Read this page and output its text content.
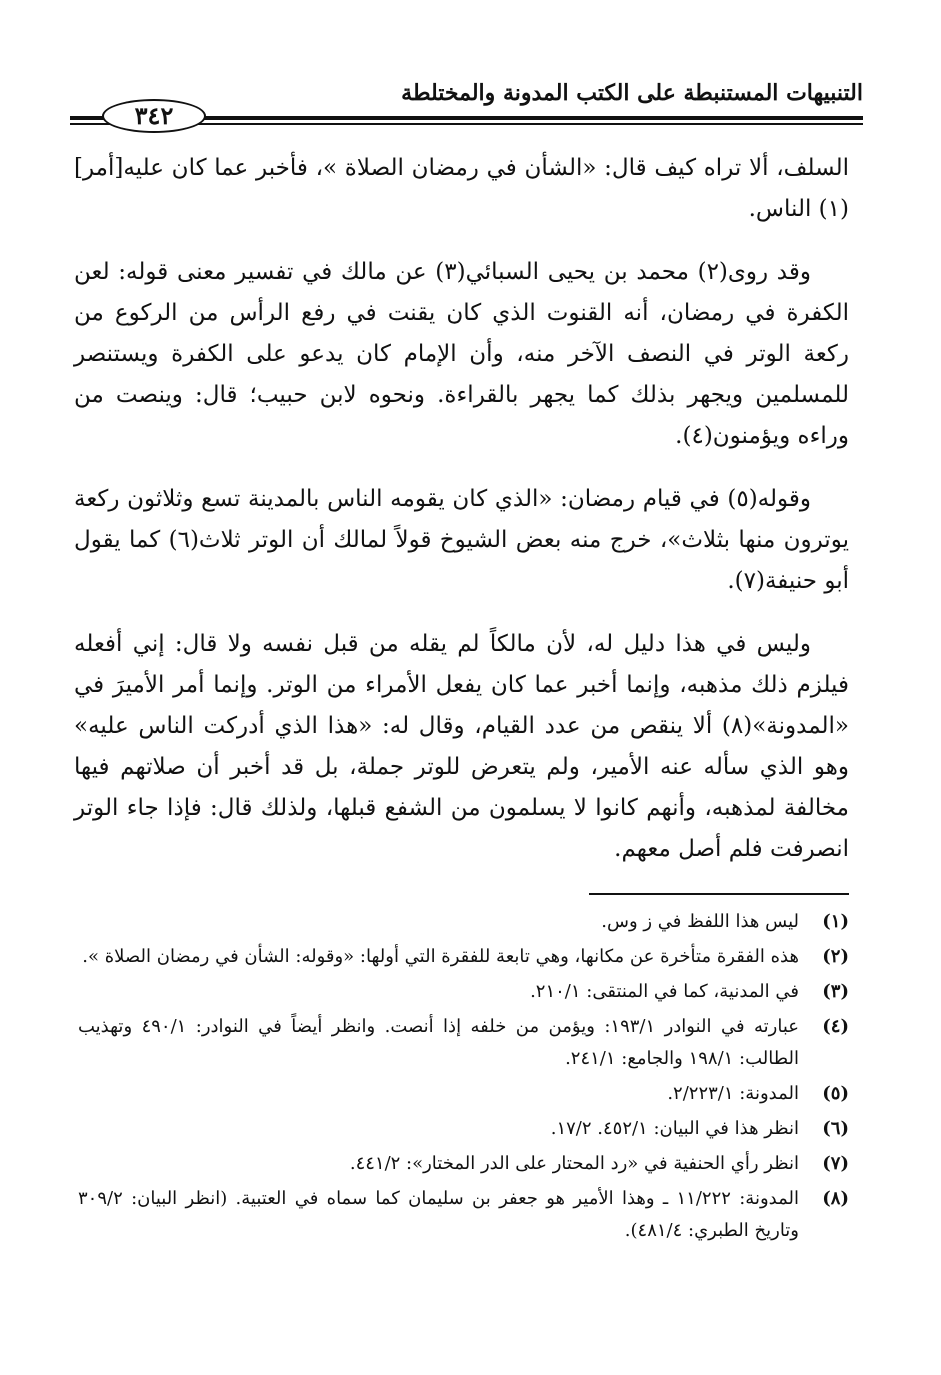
التنبيهات المستنبطة على الكتب المدونة والمختلطة
٣٤٢

السلف، ألا تراه كيف قال: «الشأن في رمضان الصلاة »، فأخبر عما كان عليه[أمر](١) الناس.

وقد روى(٢) محمد بن يحيى السبائي(٣) عن مالك في تفسير معنى قوله: لعن الكفرة في رمضان، أنه القنوت الذي كان يقنت في رفع الرأس من الركوع من ركعة الوتر في النصف الآخر منه، وأن الإمام كان يدعو على الكفرة ويستنصر للمسلمين ويجهر بذلك كما يجهر بالقراءة. ونحوه لابن حبيب؛ قال: وينصت من وراءه ويؤمنون(٤).

وقوله(٥) في قيام رمضان: «الذي كان يقومه الناس بالمدينة تسع وثلاثون ركعة يوترون منها بثلاث»، خرج منه بعض الشيوخ قولاً لمالك أن الوتر ثلاث(٦) كما يقول أبو حنيفة(٧).

وليس في هذا دليل له، لأن مالكاً لم يقله من قبل نفسه ولا قال: إني أفعله فيلزم ذلك مذهبه، وإنما أخبر عما كان يفعل الأمراء من الوتر. وإنما أمر الأميرَ في «المدونة»(٨) ألا ينقص من عدد القيام، وقال له: «هذا الذي أدركت الناس عليه» وهو الذي سأله عنه الأمير، ولم يتعرض للوتر جملة، بل قد أخبر أن صلاتهم فيها مخالفة لمذهبه، وأنهم كانوا لا يسلمون من الشفع قبلها، ولذلك قال: فإذا جاء الوتر انصرفت فلم أصل معهم.

(١)
ليس هذا اللفظ في ز وس.
(٢)
هذه الفقرة متأخرة عن مكانها، وهي تابعة للفقرة التي أولها: «وقوله: الشأن في رمضان الصلاة ».
(٣)
في المدنية، كما في المنتقى: ٢١٠/١.
(٤)
عبارته في النوادر ١٩٣/١: ويؤمن من خلفه إذا أنصت. وانظر أيضاً في النوادر: ٤٩٠/١ وتهذيب الطالب: ١٩٨/١ والجامع: ٢٤١/١.
(٥)
المدونة: ٢/٢٢٣/١.
(٦)
انظر هذا في البيان: ٤٥٢/١. ١٧/٢.
(٧)
انظر رأي الحنفية في «رد المحتار على الدر المختار»: ٤٤١/٢.
(٨)
المدونة: ١١/٢٢٢ ـ وهذا الأمير هو جعفر بن سليمان كما سماه في العتبية. (انظر البيان: ٣٠٩/٢ وتاريخ الطبري: ٤٨١/٤).
